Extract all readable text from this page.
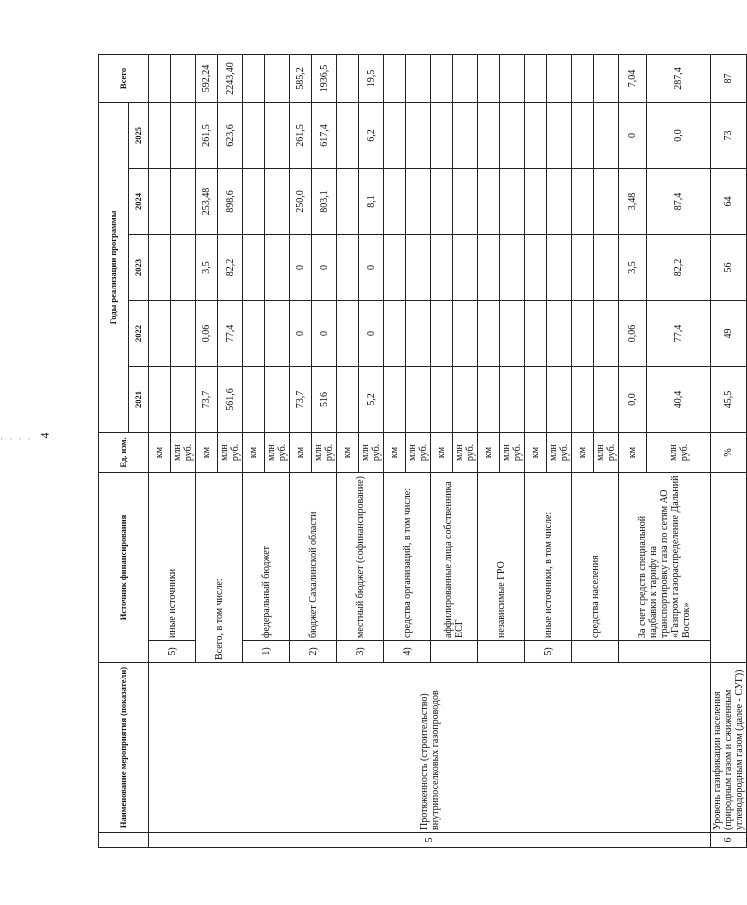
4
· · · ·
	Наименование мероприятия (показатели)	Источник финансирования		Ед. изм.	Годы реализации программы					Всего
					2021	2022	2023	2024	2025	
5	Протяженность (строительство) внутрипоселковых газопроводов	5)	иные источники	км						
				млн руб.						
		Всего, в том числе:		км	73,7	0,06	3,5	253,48	261,5	592,24
				млн руб.	561,6	77,4	82,2	898,6	623,6	2243,40
		1)	федеральный бюджет	км						
				млн руб.						
		2)	бюджет Сахалинской области	км	73,7	0	0	250,0	261,5	585,2
				млн руб.	516	0	0	803,1	617,4	1936,5
		3)	местный бюджет (софинансирование)	км						
				млн руб.	5,2	0	0	8,1	6,2	19,5
		4)	средства организаций, в том числе:	км						
				млн руб.						
			аффилированные лица собственника ЕСГ	км						
				млн руб.						
			независимые ГРО	км						
				млн руб.						
		5)	иные источники, в том числе:	км						
				млн руб.						
			средства населения	км						
				млн руб.						
			За счет средств специальной надбавки к тарифу на транспортировку газа по сетям АО «Газпром газораспределение Дальний Восток»	км	0,0	0,06	3,5	3,48	0	7,04
				млн руб.	40,4	77,4	82,2	87,4	0,0	287,4
6	Уровень газификации населения (природным газом и сжиженным углеводородным газом (далее - СУГ))			%	45,5	49	56	64	73	87
